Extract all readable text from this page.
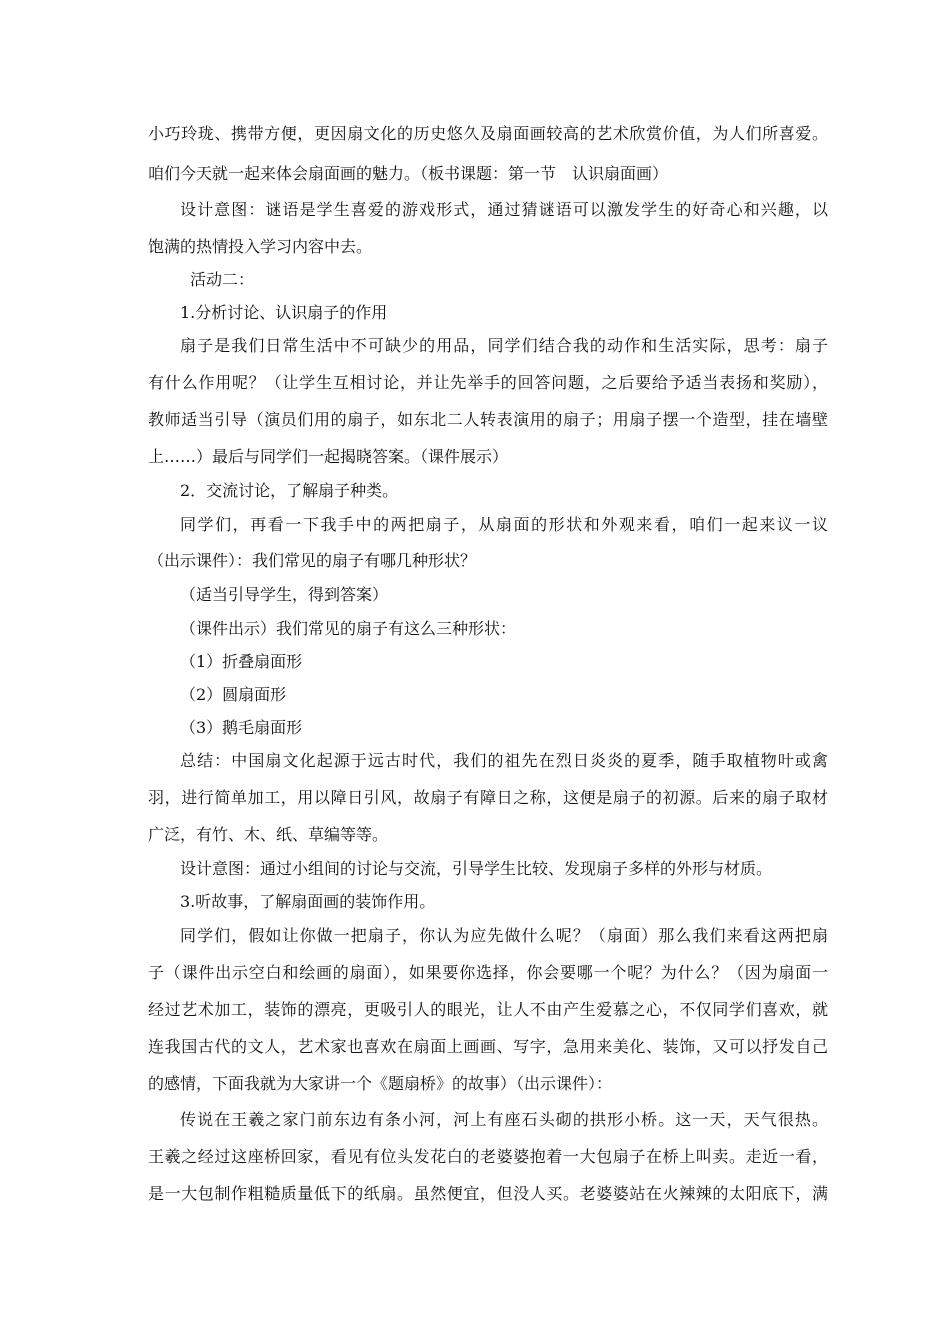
小巧玲珑、携带方便，更因扇文化的历史悠久及扇面画较高的艺术欣赏价值，为人们所喜爱。
咱们今天就一起来体会扇面画的魅力。（板书课题：第一节　认识扇面画）
设计意图：谜语是学生喜爱的游戏形式，通过猜谜语可以激发学生的好奇心和兴趣，以
饱满的热情投入学习内容中去。
活动二：
1.分析讨论、认识扇子的作用
扇子是我们日常生活中不可缺少的用品，同学们结合我的动作和生活实际，思考：扇子
有什么作用呢？（让学生互相讨论，并让先举手的回答问题，之后要给予适当表扬和奖励），
教师适当引导（演员们用的扇子，如东北二人转表演用的扇子；用扇子摆一个造型，挂在墙壁
上……）最后与同学们一起揭晓答案。（课件展示）
2．交流讨论，了解扇子种类。
同学们，再看一下我手中的两把扇子，从扇面的形状和外观来看，咱们一起来议一议
（出示课件）：我们常见的扇子有哪几种形状？
（适当引导学生，得到答案）
（课件出示）我们常见的扇子有这么三种形状：
（1）折叠扇面形
（2）圆扇面形
（3）鹅毛扇面形
总结：中国扇文化起源于远古时代，我们的祖先在烈日炎炎的夏季，随手取植物叶或禽
羽，进行简单加工，用以障日引风，故扇子有障日之称，这便是扇子的初源。后来的扇子取材
广泛，有竹、木、纸、草编等等。
设计意图：通过小组间的讨论与交流，引导学生比较、发现扇子多样的外形与材质。
3.听故事，了解扇面画的装饰作用。
同学们，假如让你做一把扇子，你认为应先做什么呢？（扇面）那么我们来看这两把扇
子（课件出示空白和绘画的扇面），如果要你选择，你会要哪一个呢？为什么？（因为扇面一
经过艺术加工，装饰的漂亮，更吸引人的眼光，让人不由产生爱慕之心，不仅同学们喜欢，就
连我国古代的文人，艺术家也喜欢在扇面上画画、写字，急用来美化、装饰，又可以抒发自己
的感情，下面我就为大家讲一个《题扇桥》的故事）（出示课件）：
传说在王羲之家门前东边有条小河，河上有座石头砌的拱形小桥。这一天，天气很热。
王羲之经过这座桥回家，看见有位头发花白的老婆婆抱着一大包扇子在桥上叫卖。走近一看，
是一大包制作粗糙质量低下的纸扇。虽然便宜，但没人买。老婆婆站在火辣辣的太阳底下，满
